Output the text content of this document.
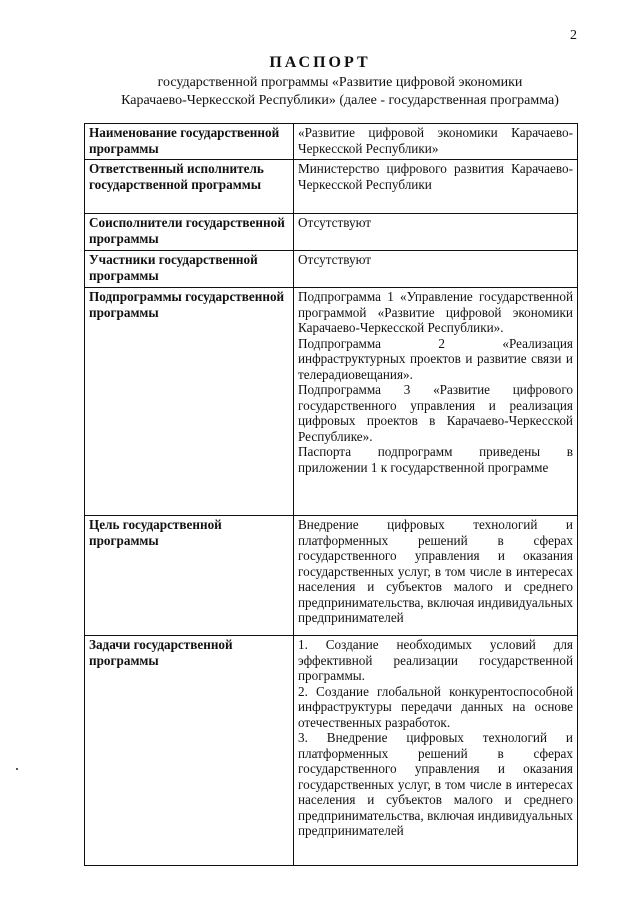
2
ПАСПОРТ
государственной программы «Развитие цифровой экономики
Карачаево-Черкесской Республики» (далее - государственная программа)
Наименование государственной программы	«Развитие цифровой экономики Карачаево-Черкесской Республики»

Ответственный исполнитель государственной программы	Министерство цифрового развития Карачаево-Черкесской Республики

Соисполнители государственной программы	Отсутствуют

Участники государственной программы	Отсутствуют

Подпрограммы государственной программы	Подпрограмма 1 «Управление государственной программой «Развитие цифровой экономики Карачаево-Черкесской Республики».
Подпрограмма 2 «Реализация инфраструктурных проектов и развитие связи и телерадиовещания».
Подпрограмма 3 «Развитие цифрового государственного управления и реализация цифровых проектов в Карачаево-Черкесской Республике».
Паспорта подпрограмм приведены в приложении 1 к государственной программе

Цель государственной программы	Внедрение цифровых технологий и платформенных решений в сферах государственного управления и оказания государственных услуг, в том числе в интересах населения и субъектов малого и среднего предпринимательства, включая индивидуальных предпринимателей

Задачи государственной программы	1. Создание необходимых условий для эффективной реализации государственной программы.
2. Создание глобальной конкурентоспособной инфраструктуры передачи данных на основе отечественных разработок.
3. Внедрение цифровых технологий и платформенных решений в сферах государственного управления и оказания государственных услуг, в том числе в интересах населения и субъектов малого и среднего предпринимательства, включая индивидуальных предпринимателей
